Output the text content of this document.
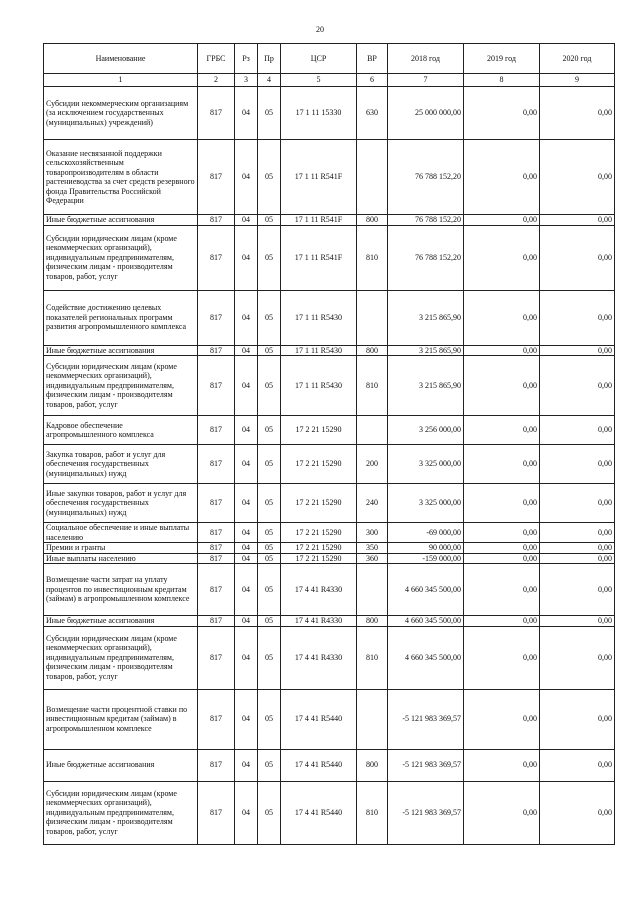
20
Наименование	ГРБС	Рз	Пр	ЦСР	ВР	2018 год	2019 год	2020 год
1	2	3	4	5	6	7	8	9
Субсидии некоммерческим организациям (за исключением государственных (муниципальных) учреждений)	817	04	05	17 1 11 15330	630	25 000 000,00	0,00	0,00
Оказание несвязанной поддержки сельскохозяйственным товаропроизводителям в области растениеводства за счет средств резервного фонда Правительства Российской Федерации	817	04	05	17 1 11 R541F		76 788 152,20	0,00	0,00
Иные бюджетные ассигнования	817	04	05	17 1 11 R541F	800	76 788 152,20	0,00	0,00
Субсидии юридическим лицам (кроме некоммерческих организаций), индивидуальным предпринимателям, физическим лицам - производителям товаров, работ, услуг	817	04	05	17 1 11 R541F	810	76 788 152,20	0,00	0,00
Содействие достижению целевых показателей региональных программ развития агропромышленного комплекса	817	04	05	17 1 11 R5430		3 215 865,90	0,00	0,00
Иные бюджетные ассигнования	817	04	05	17 1 11 R5430	800	3 215 865,90	0,00	0,00
Субсидии юридическим лицам (кроме некоммерческих организаций), индивидуальным предпринимателям, физическим лицам - производителям товаров, работ, услуг	817	04	05	17 1 11 R5430	810	3 215 865,90	0,00	0,00
Кадровое обеспечение агропромышленного комплекса	817	04	05	17 2 21 15290		3 256 000,00	0,00	0,00
Закупка товаров, работ и услуг для обеспечения государственных (муниципальных) нужд	817	04	05	17 2 21 15290	200	3 325 000,00	0,00	0,00
Иные закупки товаров, работ и услуг для обеспечения государственных (муниципальных) нужд	817	04	05	17 2 21 15290	240	3 325 000,00	0,00	0,00
Социальное обеспечение и иные выплаты населению	817	04	05	17 2 21 15290	300	-69 000,00	0,00	0,00
Премии и гранты	817	04	05	17 2 21 15290	350	90 000,00	0,00	0,00
Иные выплаты населению	817	04	05	17 2 21 15290	360	-159 000,00	0,00	0,00
Возмещение части затрат на уплату процентов по инвестиционным кредитам (займам) в агропромышленном комплексе	817	04	05	17 4 41 R4330		4 660 345 500,00	0,00	0,00
Иные бюджетные ассигнования	817	04	05	17 4 41 R4330	800	4 660 345 500,00	0,00	0,00
Субсидии юридическим лицам (кроме некоммерческих организаций), индивидуальным предпринимателям, физическим лицам - производителям товаров, работ, услуг	817	04	05	17 4 41 R4330	810	4 660 345 500,00	0,00	0,00
Возмещение части процентной ставки по инвестиционным кредитам (займам) в агропромышленном комплексе	817	04	05	17 4 41 R5440		-5 121 983 369,57	0,00	0,00
Иные бюджетные ассигнования	817	04	05	17 4 41 R5440	800	-5 121 983 369,57	0,00	0,00
Субсидии юридическим лицам (кроме некоммерческих организаций), индивидуальным предпринимателям, физическим лицам - производителям товаров, работ, услуг	817	04	05	17 4 41 R5440	810	-5 121 983 369,57	0,00	0,00
